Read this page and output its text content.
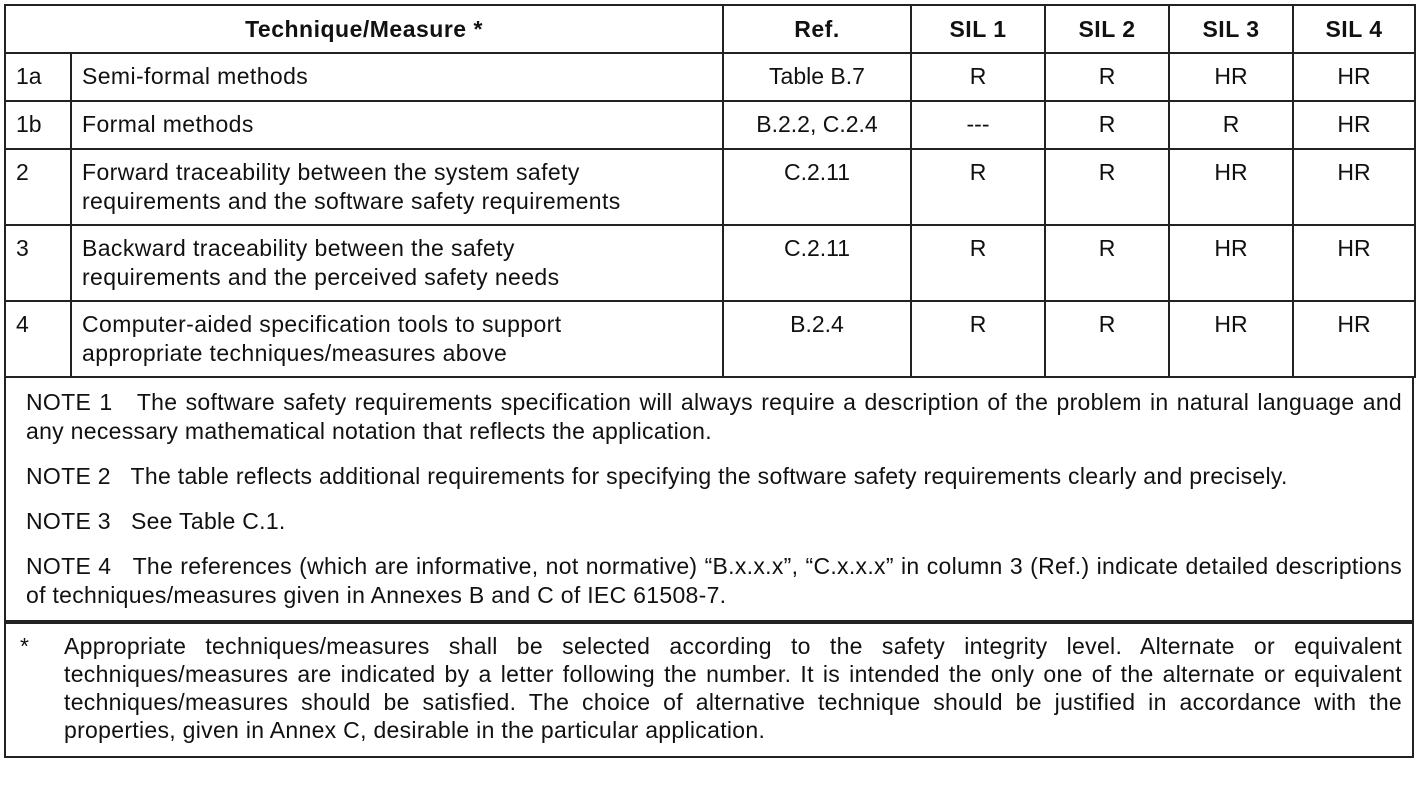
Technique/Measure *		Ref.	SIL 1	SIL 2	SIL 3	SIL 4
1a	Semi-formal methods	Table B.7	R	R	HR	HR
1b	Formal methods	B.2.2, C.2.4	---	R	R	HR
2	Forward traceability between the system safety
requirements and the software safety requirements	C.2.11	R	R	HR	HR
3	Backward traceability between the safety
requirements and the perceived safety needs	C.2.11	R	R	HR	HR
4	Computer-aided specification tools to support
appropriate techniques/measures above	B.2.4	R	R	HR	HR

NOTE 1 The software safety requirements specification will always require a description of the problem in natural language and any necessary mathematical notation that reflects the application.

NOTE 2 The table reflects additional requirements for specifying the software safety requirements clearly and precisely.

NOTE 3 See Table C.1.

NOTE 4 The references (which are informative, not normative) “B.x.x.x”, “C.x.x.x” in column 3 (Ref.) indicate detailed descriptions of techniques/measures given in Annexes B and C of IEC 61508-7.

*	Appropriate techniques/measures shall be selected according to the safety integrity level. Alternate or equivalent techniques/measures are indicated by a letter following the number. It is intended the only one of the alternate or equivalent techniques/measures should be satisfied. The choice of alternative technique should be justified in accordance with the properties, given in Annex C, desirable in the particular application.
